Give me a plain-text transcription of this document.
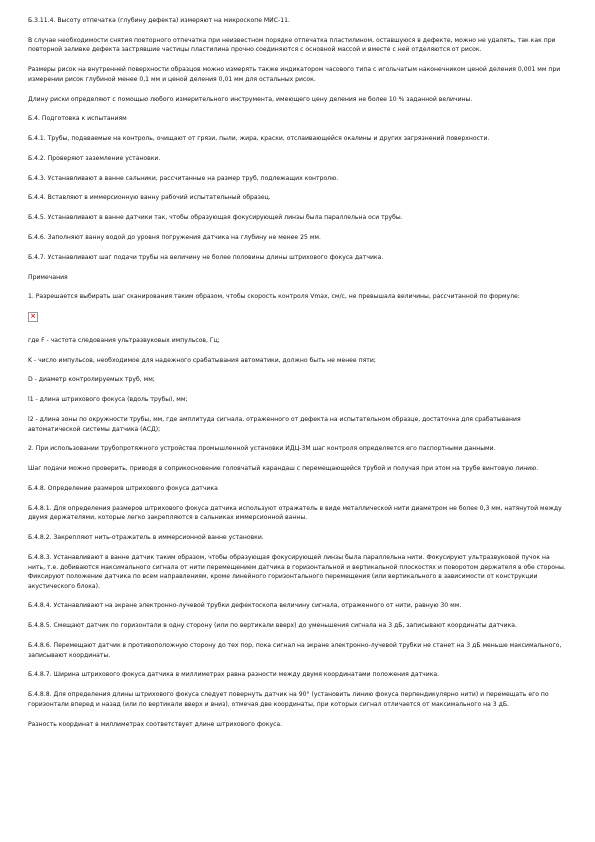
Б.3.11.4. Высоту отпечатка (глубину дефекта) измеряют на микроскопе МИС-11.

В случае необходимости снятия повторного отпечатка при неизвестном порядке отпечатка пластилином, оставшуюся в дефекте, можно не удалять, так как при повторной заливке дефекта застрявшие частицы пластилина прочно соединяются с основной массой и вместе с ней отделяются от рисок.

Размеры рисок на внутренней поверхности образцов можно измерять также индикатором часового типа с игольчатым наконечником ценой деления 0,001 мм при измерении рисок глубиной менее 0,1 мм и ценой деления 0,01 мм для остальных рисок.

Длину риски определяют с помощью любого измерительного инструмента, имеющего цену деления не более 10 % заданной величины.

Б.4. Подготовка к испытаниям

Б.4.1. Трубы, подаваемые на контроль, очищают от грязи, пыли, жира, краски, отслаивающейся окалины и других загрязнений поверхности.

Б.4.2. Проверяют заземление установки.

Б.4.3. Устанавливают в ванне сальники, рассчитанные на размер труб, подлежащих контролю.

Б.4.4. Вставляют в иммерсионную ванну рабочий испытательный образец.

Б.4.5. Устанавливают в ванне датчики так, чтобы образующая фокусирующей линзы была параллельна оси трубы.

Б.4.6. Заполняют ванну водой до уровня погружения датчика на глубину не менее 25 мм.

Б.4.7. Устанавливают шаг подачи трубы на величину не более половины длины штрихового фокуса датчика.

Примечания

1. Разрешается выбирать шаг сканирования таким образом, чтобы скорость контроля Vmax, см/с, не превышала величины, рассчитанной по формуле:

×

где F - частота следования ультразвуковых импульсов, Гц;

K - число импульсов, необходимое для надежного срабатывания автоматики, должно быть не менее пяти;

D - диаметр контролируемых труб, мм;

l1 - длина штрихового фокуса (вдоль трубы), мм;

l2 - длина зоны по окружности трубы, мм, где амплитуда сигнала, отраженного от дефекта на испытательном образце, достаточна для срабатывания автоматической системы датчика (АСД);

2. При использовании трубопротяжного устройства промышленной установки ИДЦ-3М шаг контроля определяется его паспортными данными.

Шаг подачи можно проверить, приводя в соприкосновение головчатый карандаш с перемещающейся трубой и получая при этом на трубе винтовую линию.

Б.4.8. Определение размеров штрихового фокуса датчика

Б.4.8.1. Для определения размеров штрихового фокуса датчика используют отражатель в виде металлической нити диаметром не более 0,3 мм, натянутой между двумя держателями, которые легко закрепляются в сальниках иммерсионной ванны.

Б.4.8.2. Закрепляют нить-отражатель в иммерсионной ванне установки.

Б.4.8.3. Устанавливают в ванне датчик таким образом, чтобы образующая фокусирующей линзы была параллельна нити. Фокусируют ультразвуковой пучок на нить, т.е. добиваются максимального сигнала от нити перемещением датчика в горизонтальной и вертикальной плоскостях и поворотом держателя в обе стороны. Фиксируют положение датчика по всем направлениям, кроме линейного горизонтального перемещения (или вертикального в зависимости от конструкции акустического блока).

Б.4.8.4. Устанавливают на экране электронно-лучевой трубки дефектоскопа величину сигнала, отраженного от нити, равную 30 мм.

Б.4.8.5. Смещают датчик по горизонтали в одну сторону (или по вертикали вверх) до уменьшения сигнала на 3 дБ, записывают координаты датчика.

Б.4.8.6. Перемещают датчик в противоположную сторону до тех пор, пока сигнал на экране электронно-лучевой трубки не станет на 3 дБ меньше максимального, записывают координаты.

Б.4.8.7. Ширина штрихового фокуса датчика в миллиметрах равна разности между двумя координатами положения датчика.

Б.4.8.8. Для определения длины штрихового фокуса следует повернуть датчик на 90° (установить линию фокуса перпендикулярно нити) и перемещать его по горизонтали вперед и назад (или по вертикали вверх и вниз), отмечая две координаты, при которых сигнал отличается от максимального на 3 дБ.

Разность координат в миллиметрах соответствует длине штрихового фокуса.
